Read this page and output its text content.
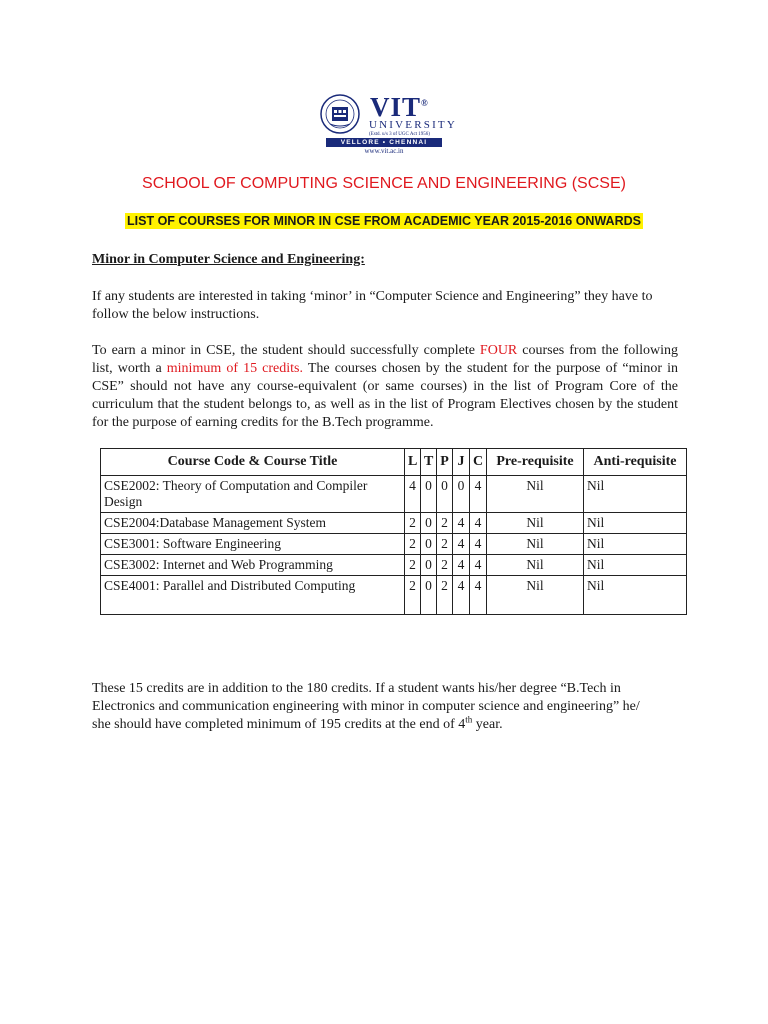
VIT®
UNIVERSITY
(Estd. u/s 3 of UGC Act 1956)
VELLORE • CHENNAI
www.vit.ac.in
SCHOOL OF COMPUTING SCIENCE AND ENGINEERING (SCSE)
LIST OF COURSES FOR MINOR IN CSE FROM ACADEMIC YEAR 2015-2016 ONWARDS
Minor in Computer Science and Engineering:
If any students are interested in taking ‘minor’ in “Computer Science and Engineering” they have to follow the below instructions.
To earn a minor in CSE, the student should successfully complete FOUR courses from the following list, worth a minimum of 15 credits. The courses chosen by the student for the purpose of “minor in CSE” should not have any course-equivalent (or same courses) in the list of Program Core of the curriculum that the student belongs to, as well as in the list of Program Electives chosen by the student for the purpose of earning credits for the B.Tech programme.
Course Code & Course Title	L	T	P	J	C	Pre-requisite	Anti-requisite
CSE2002: Theory of Computation and Compiler Design	4	0	0	0	4	Nil	Nil
CSE2004:Database Management System	2	0	2	4	4	Nil	Nil
CSE3001: Software Engineering	2	0	2	4	4	Nil	Nil
CSE3002: Internet and Web Programming	2	0	2	4	4	Nil	Nil
CSE4001: Parallel and Distributed Computing	2	0	2	4	4	Nil	Nil
These 15 credits are in addition to the 180 credits. If a student wants his/her degree “B.Tech in Electronics and communication engineering with minor in computer science and engineering” he/ she should have completed minimum of 195 credits at the end of 4th year.
